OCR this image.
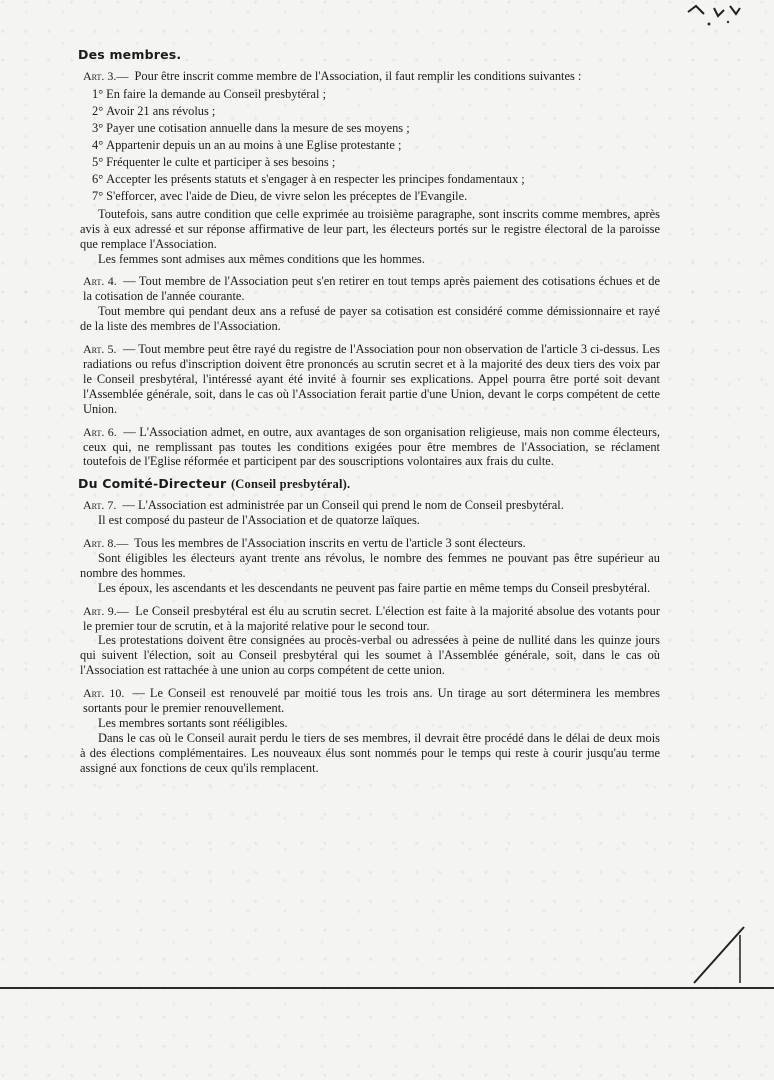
Des membres.

Art. 3.— Pour être inscrit comme membre de l'Association, il faut remplir les conditions suivantes :

1° En faire la demande au Conseil presbytéral ;
2° Avoir 21 ans révolus ;
3° Payer une cotisation annuelle dans la mesure de ses moyens ;
4° Appartenir depuis un an au moins à une Eglise protestante ;
5° Fréquenter le culte et participer à ses besoins ;
6° Accepter les présents statuts et s'engager à en respecter les principes fondamentaux ;
7° S'efforcer, avec l'aide de Dieu, de vivre selon les préceptes de l'Evangile.

Toutefois, sans autre condition que celle exprimée au troisième paragraphe, sont inscrits comme membres, après avis à eux adressé et sur réponse affirmative de leur part, les électeurs portés sur le registre électoral de la paroisse que remplace l'Association.

Les femmes sont admises aux mêmes conditions que les hommes.

Art. 4. — Tout membre de l'Association peut s'en retirer en tout temps après paiement des cotisations échues et de la cotisation de l'année courante.

Tout membre qui pendant deux ans a refusé de payer sa cotisation est considéré comme démissionnaire et rayé de la liste des membres de l'Association.

Art. 5. — Tout membre peut être rayé du registre de l'Association pour non observation de l'article 3 ci-dessus. Les radiations ou refus d'inscription doivent être prononcés au scrutin secret et à la majorité des deux tiers des voix par le Conseil presbytéral, l'intéressé ayant été invité à fournir ses explications. Appel pourra être porté soit devant l'Assemblée générale, soit, dans le cas où l'Association ferait partie d'une Union, devant le corps compétent de cette Union.

Art. 6. — L'Association admet, en outre, aux avantages de son organisation religieuse, mais non comme électeurs, ceux qui, ne remplissant pas toutes les conditions exigées pour être membres de l'Association, se réclament toutefois de l'Eglise réformée et participent par des souscriptions volontaires aux frais du culte.

Du Comité-Directeur (Conseil presbytéral).

Art. 7. — L'Association est administrée par un Conseil qui prend le nom de Conseil presbytéral.

Il est composé du pasteur de l'Association et de quatorze laïques.

Art. 8.— Tous les membres de l'Association inscrits en vertu de l'article 3 sont électeurs.

Sont éligibles les électeurs ayant trente ans révolus, le nombre des femmes ne pouvant pas être supérieur au nombre des hommes.

Les époux, les ascendants et les descendants ne peuvent pas faire partie en même temps du Conseil presbytéral.

Art. 9.— Le Conseil presbytéral est élu au scrutin secret. L'élection est faite à la majorité absolue des votants pour le premier tour de scrutin, et à la majorité relative pour le second tour.

Les protestations doivent être consignées au procès-verbal ou adressées à peine de nullité dans les quinze jours qui suivent l'élection, soit au Conseil presbytéral qui les soumet à l'Assemblée générale, soit, dans le cas où l'Association est rattachée à une union au corps compétent de cette union.

Art. 10. — Le Conseil est renouvelé par moitié tous les trois ans. Un tirage au sort déterminera les membres sortants pour le premier renouvellement.

Les membres sortants sont rééligibles.

Dans le cas où le Conseil aurait perdu le tiers de ses membres, il devrait être procédé dans le délai de deux mois à des élections complémentaires. Les nouveaux élus sont nommés pour le temps qui reste à courir jusqu'au terme assigné aux fonctions de ceux qu'ils remplacent.
